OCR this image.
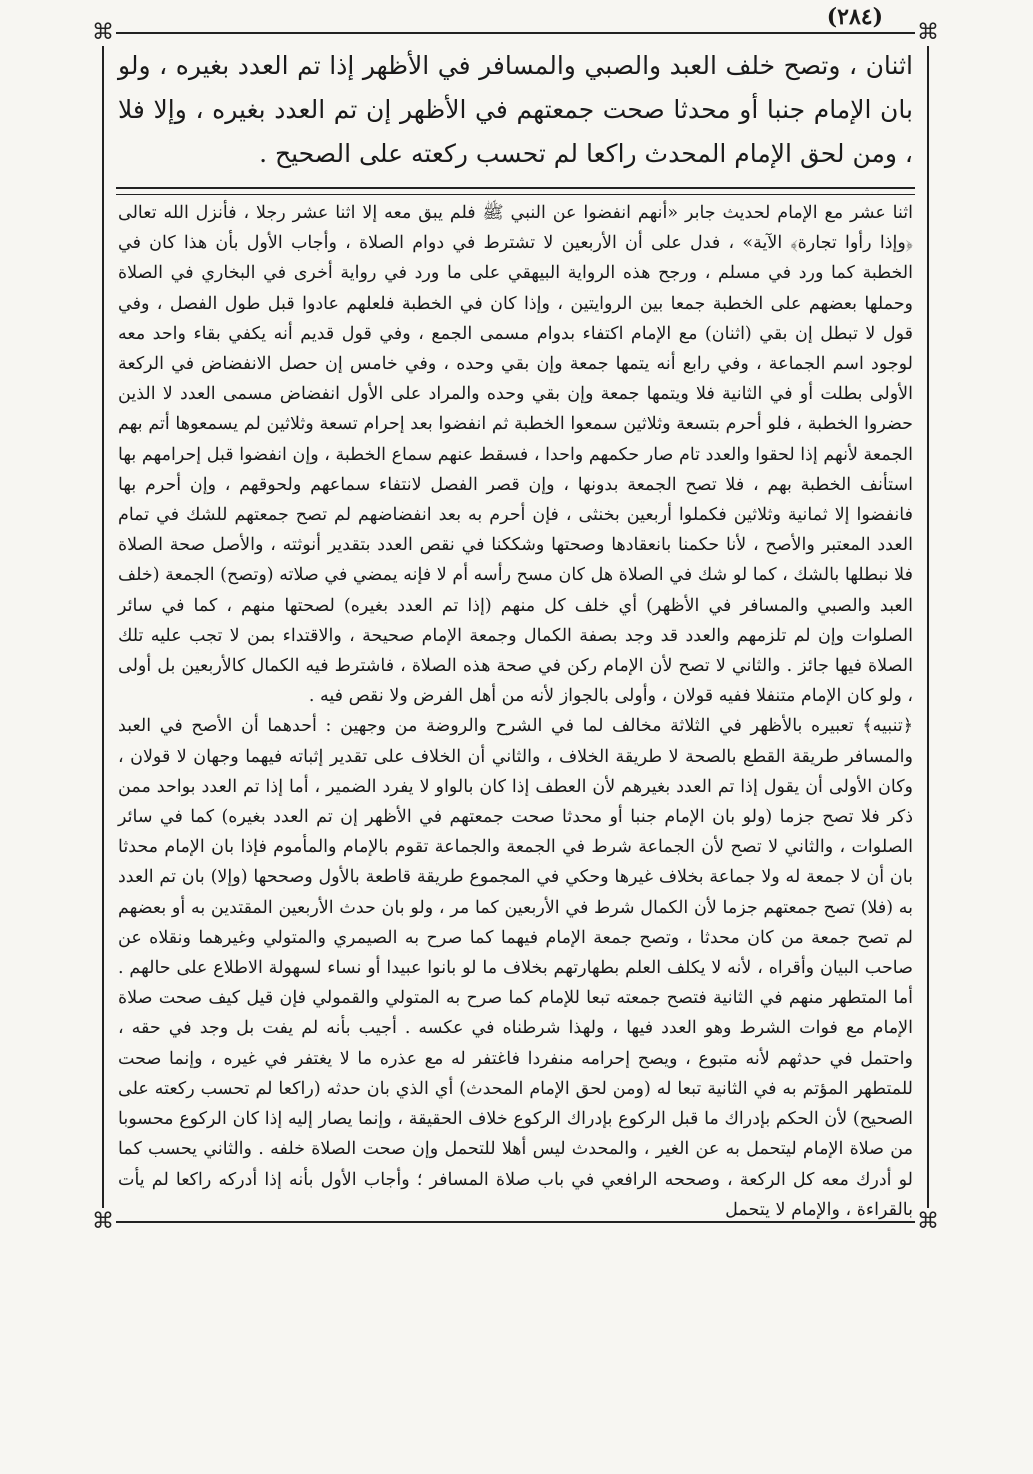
(٢٨٤)
⌘	⌘
⌘	⌘

اثنان ، وتصح خلف العبد والصبي والمسافر في الأظهر إذا تم العدد بغيره ، ولو بان الإمام جنبا أو محدثا صحت جمعتهم في الأظهر إن تم العدد بغيره ، وإلا فلا ، ومن لحق الإمام المحدث راكعا لم تحسب ركعته على الصحيح .

اثنا عشر مع الإمام لحديث جابر «أنهم انفضوا عن النبي ﷺ فلم يبق معه إلا اثنا عشر رجلا ، فأنزل الله تعالى ﴿وإذا رأوا تجارة﴾ الآية» ، فدل على أن الأربعين لا تشترط في دوام الصلاة ، وأجاب الأول بأن هذا كان في الخطبة كما ورد في مسلم ، ورجح هذه الرواية البيهقي على ما ورد في رواية أخرى في البخاري في الصلاة وحملها بعضهم على الخطبة جمعا بين الروايتين ، وإذا كان في الخطبة فلعلهم عادوا قبل طول الفصل ، وفي قول لا تبطل إن بقي (اثنان) مع الإمام اكتفاء بدوام مسمى الجمع ، وفي قول قديم أنه يكفي بقاء واحد معه لوجود اسم الجماعة ، وفي رابع أنه يتمها جمعة وإن بقي وحده ، وفي خامس إن حصل الانفضاض في الركعة الأولى بطلت أو في الثانية فلا ويتمها جمعة وإن بقي وحده والمراد على الأول انفضاض مسمى العدد لا الذين حضروا الخطبة ، فلو أحرم بتسعة وثلاثين سمعوا الخطبة ثم انفضوا بعد إحرام تسعة وثلاثين لم يسمعوها أتم بهم الجمعة لأنهم إذا لحقوا والعدد تام صار حكمهم واحدا ، فسقط عنهم سماع الخطبة ، وإن انفضوا قبل إحرامهم بها استأنف الخطبة بهم ، فلا تصح الجمعة بدونها ، وإن قصر الفصل لانتفاء سماعهم ولحوقهم ، وإن أحرم بها فانفضوا إلا ثمانية وثلاثين فكملوا أربعين بخنثى ، فإن أحرم به بعد انفضاضهم لم تصح جمعتهم للشك في تمام العدد المعتبر والأصح ، لأنا حكمنا بانعقادها وصحتها وشككنا في نقص العدد بتقدير أنوثته ، والأصل صحة الصلاة فلا نبطلها بالشك ، كما لو شك في الصلاة هل كان مسح رأسه أم لا فإنه يمضي في صلاته (وتصح) الجمعة (خلف العبد والصبي والمسافر في الأظهر) أي خلف كل منهم (إذا تم العدد بغيره) لصحتها منهم ، كما في سائر الصلوات وإن لم تلزمهم والعدد قد وجد بصفة الكمال وجمعة الإمام صحيحة ، والاقتداء بمن لا تجب عليه تلك الصلاة فيها جائز . والثاني لا تصح لأن الإمام ركن في صحة هذه الصلاة ، فاشترط فيه الكمال كالأربعين بل أولى ، ولو كان الإمام متنفلا ففيه قولان ، وأولى بالجواز لأنه من أهل الفرض ولا نقص فيه .

﴿تنبيه﴾ تعبيره بالأظهر في الثلاثة مخالف لما في الشرح والروضة من وجهين : أحدهما أن الأصح في العبد والمسافر طريقة القطع بالصحة لا طريقة الخلاف ، والثاني أن الخلاف على تقدير إثباته فيهما وجهان لا قولان ، وكان الأولى أن يقول إذا تم العدد بغيرهم لأن العطف إذا كان بالواو لا يفرد الضمير ، أما إذا تم العدد بواحد ممن ذكر فلا تصح جزما (ولو بان الإمام جنبا أو محدثا صحت جمعتهم في الأظهر إن تم العدد بغيره) كما في سائر الصلوات ، والثاني لا تصح لأن الجماعة شرط في الجمعة والجماعة تقوم بالإمام والمأموم فإذا بان الإمام محدثا بان أن لا جمعة له ولا جماعة بخلاف غيرها وحكي في المجموع طريقة قاطعة بالأول وصححها (وإلا) بان تم العدد به (فلا) تصح جمعتهم جزما لأن الكمال شرط في الأربعين كما مر ، ولو بان حدث الأربعين المقتدين به أو بعضهم لم تصح جمعة من كان محدثا ، وتصح جمعة الإمام فيهما كما صرح به الصيمري والمتولي وغيرهما ونقلاه عن صاحب البيان وأقراه ، لأنه لا يكلف العلم بطهارتهم بخلاف ما لو بانوا عبيدا أو نساء لسهولة الاطلاع على حالهم . أما المتطهر منهم في الثانية فتصح جمعته تبعا للإمام كما صرح به المتولي والقمولي فإن قيل كيف صحت صلاة الإمام مع فوات الشرط وهو العدد فيها ، ولهذا شرطناه في عكسه . أجيب بأنه لم يفت بل وجد في حقه ، واحتمل في حدثهم لأنه متبوع ، ويصح إحرامه منفردا فاغتفر له مع عذره ما لا يغتفر في غيره ، وإنما صحت للمتطهر المؤتم به في الثانية تبعا له (ومن لحق الإمام المحدث) أي الذي بان حدثه (راكعا لم تحسب ركعته على الصحيح) لأن الحكم بإدراك ما قبل الركوع بإدراك الركوع خلاف الحقيقة ، وإنما يصار إليه إذا كان الركوع محسوبا من صلاة الإمام ليتحمل به عن الغير ، والمحدث ليس أهلا للتحمل وإن صحت الصلاة خلفه . والثاني يحسب كما لو أدرك معه كل الركعة ، وصححه الرافعي في باب صلاة المسافر ؛ وأجاب الأول بأنه إذا أدركه راكعا لم يأت بالقراءة ، والإمام لا يتحمل
